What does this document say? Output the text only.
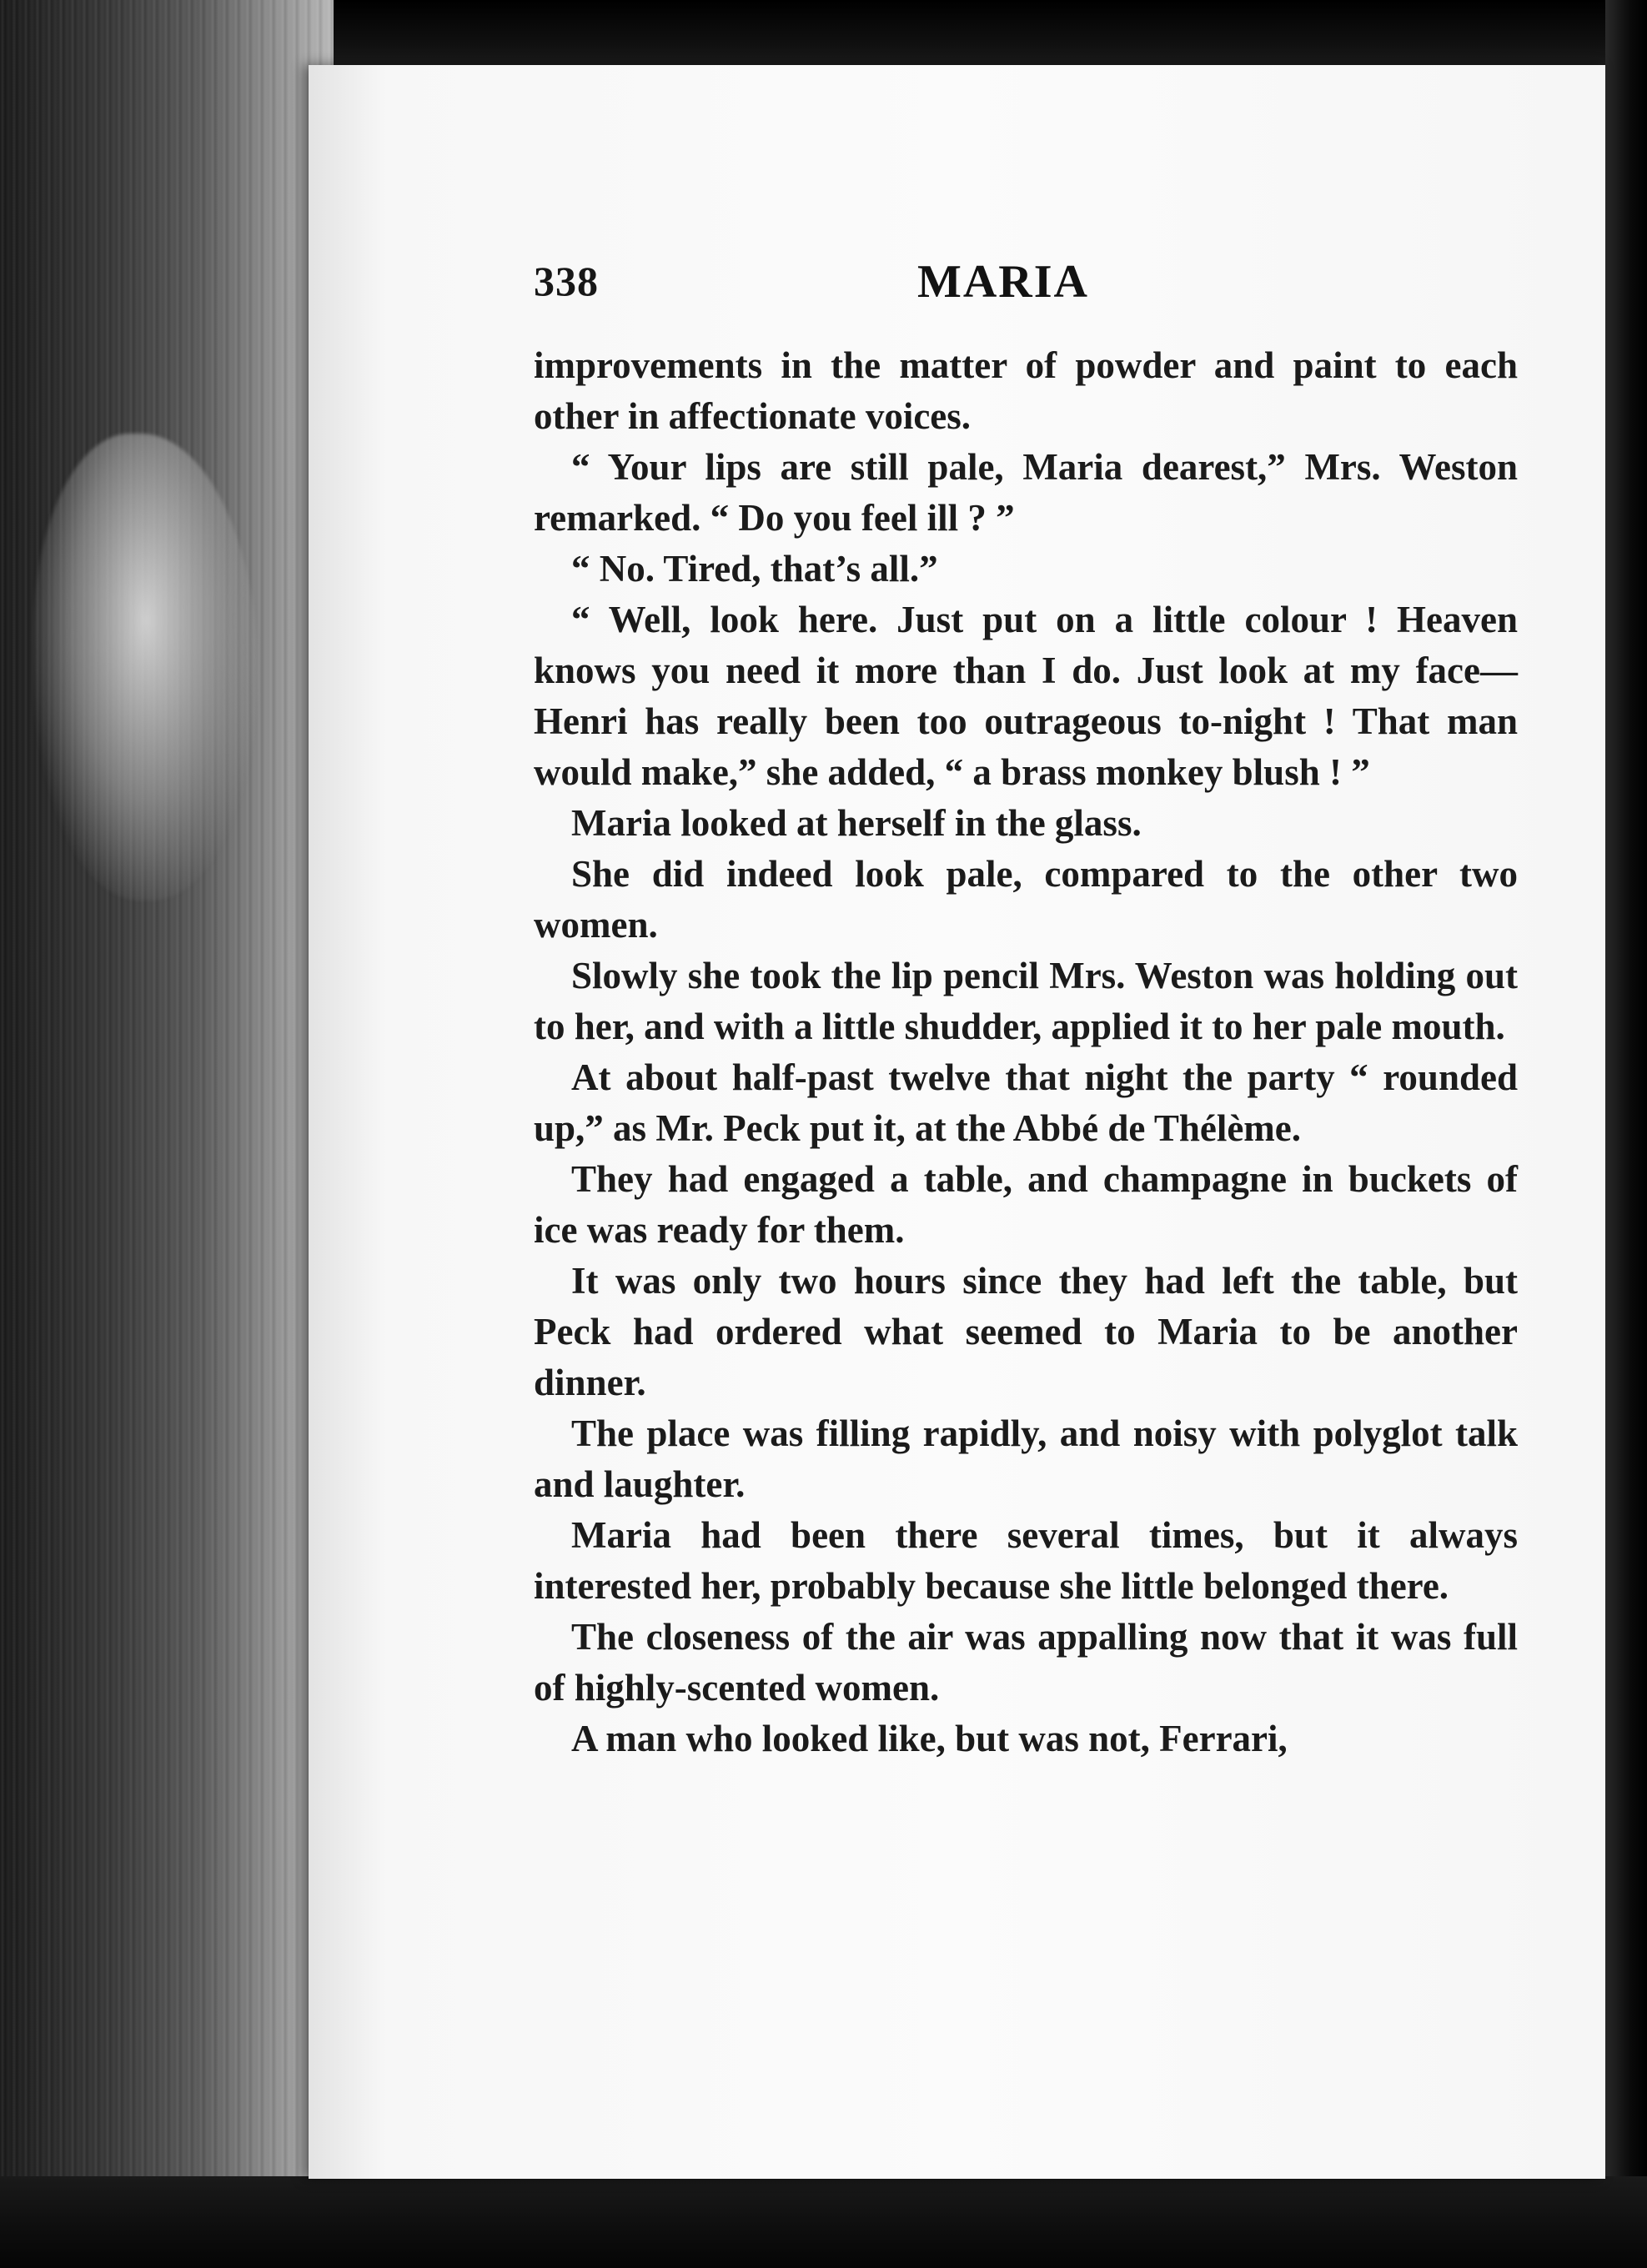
338	MARIA

improvements in the matter of powder and paint to each other in affectionate voices.

“ Your lips are still pale, Maria dearest,” Mrs. Weston remarked. “ Do you feel ill ? ”

“ No. Tired, that’s all.”

“ Well, look here. Just put on a little colour ! Heaven knows you need it more than I do. Just look at my face—Henri has really been too outrageous to-night ! That man would make,” she added, “ a brass monkey blush ! ”

Maria looked at herself in the glass.

She did indeed look pale, compared to the other two women.

Slowly she took the lip pencil Mrs. Weston was holding out to her, and with a little shudder, applied it to her pale mouth.

At about half-past twelve that night the party “ rounded up,” as Mr. Peck put it, at the Abbé de Thélème.

They had engaged a table, and champagne in buckets of ice was ready for them.

It was only two hours since they had left the table, but Peck had ordered what seemed to Maria to be another dinner.

The place was filling rapidly, and noisy with polyglot talk and laughter.

Maria had been there several times, but it always interested her, probably because she little belonged there.

The closeness of the air was appalling now that it was full of highly-scented women.

A man who looked like, but was not, Ferrari,
